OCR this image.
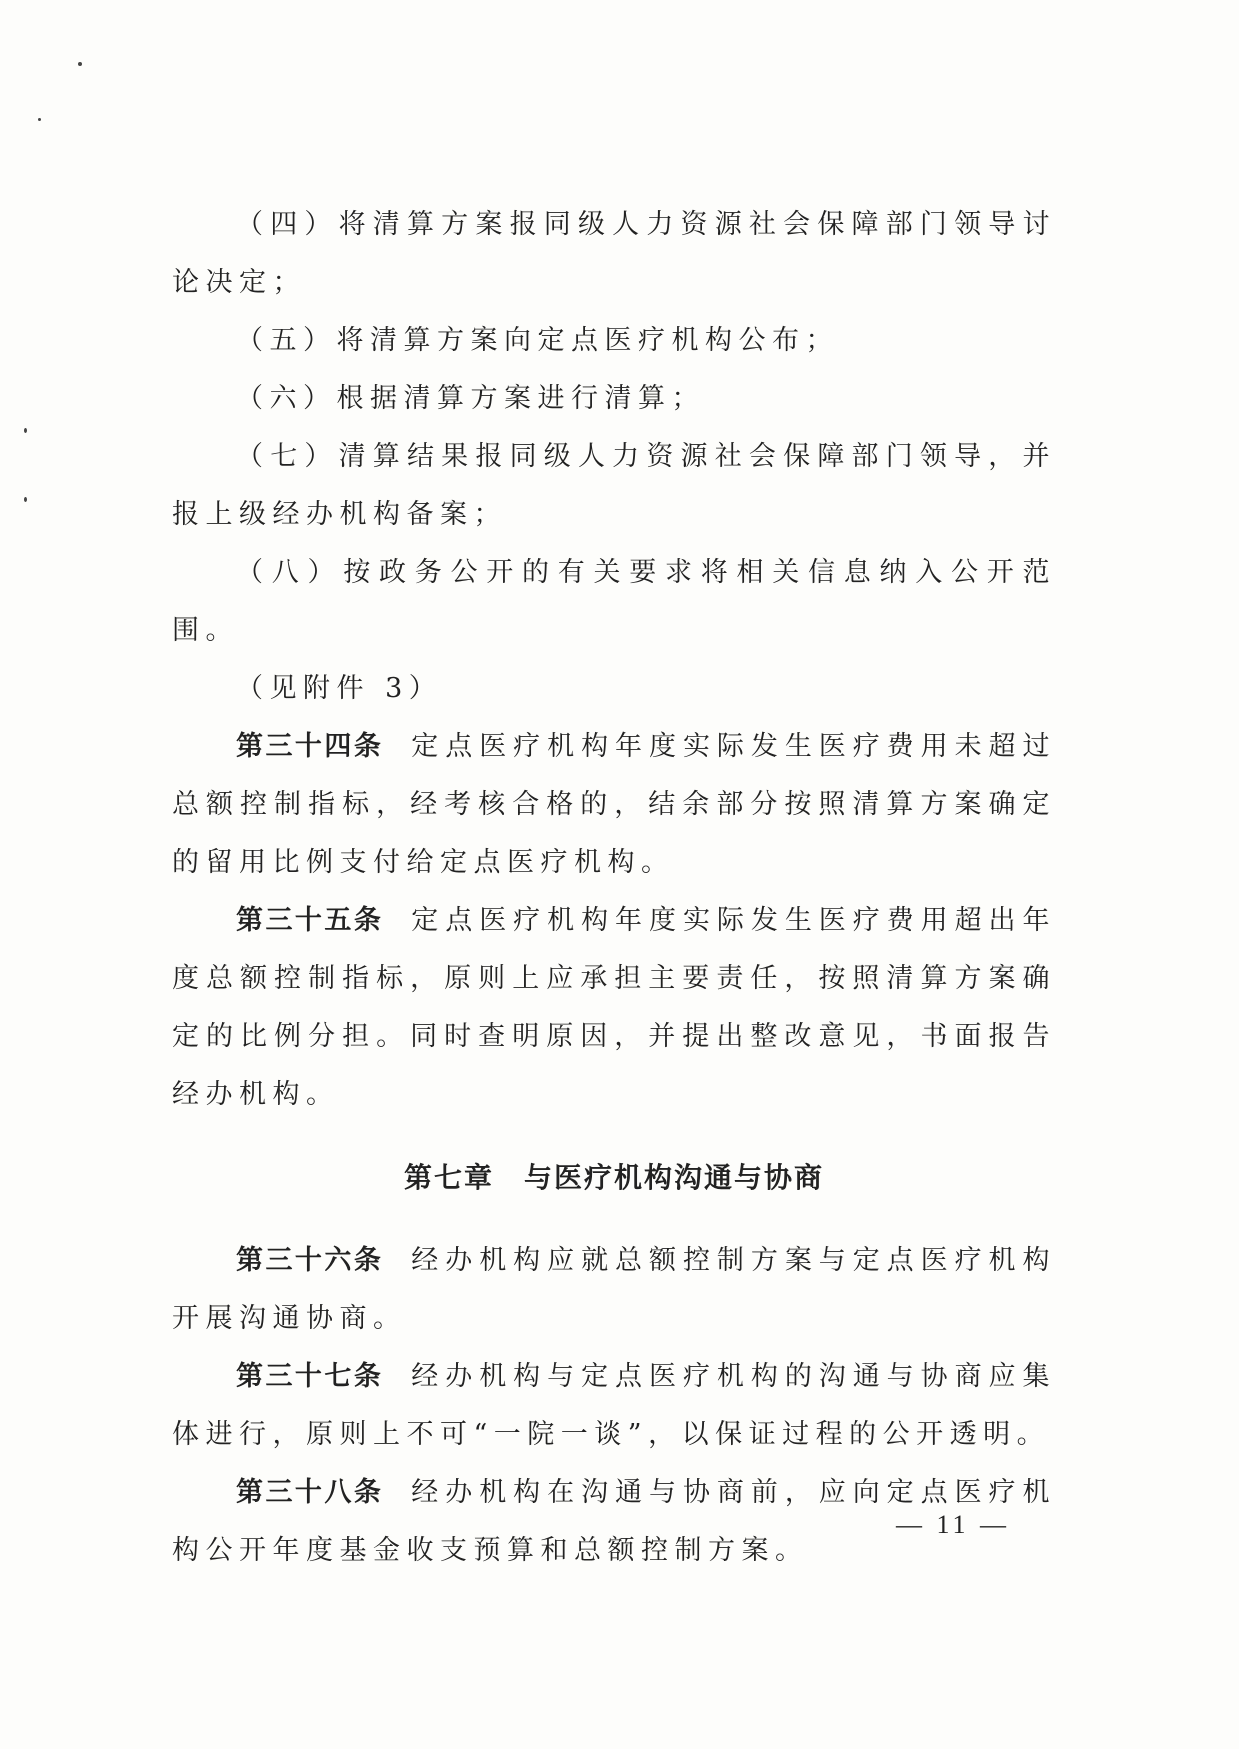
（四）将清算方案报同级人力资源社会保障部门领导讨论决定；

（五）将清算方案向定点医疗机构公布；

（六）根据清算方案进行清算；

（七）清算结果报同级人力资源社会保障部门领导，并报上级经办机构备案；

（八）按政务公开的有关要求将相关信息纳入公开范围。

（见附件 3）

第三十四条 定点医疗机构年度实际发生医疗费用未超过总额控制指标，经考核合格的，结余部分按照清算方案确定的留用比例支付给定点医疗机构。

第三十五条 定点医疗机构年度实际发生医疗费用超出年度总额控制指标，原则上应承担主要责任，按照清算方案确定的比例分担。同时查明原因，并提出整改意见，书面报告经办机构。

第七章　与医疗机构沟通与协商

第三十六条 经办机构应就总额控制方案与定点医疗机构开展沟通协商。

第三十七条 经办机构与定点医疗机构的沟通与协商应集体进行，原则上不可“一院一谈”，以保证过程的公开透明。

第三十八条 经办机构在沟通与协商前，应向定点医疗机构公开年度基金收支预算和总额控制方案。

— 11 —
